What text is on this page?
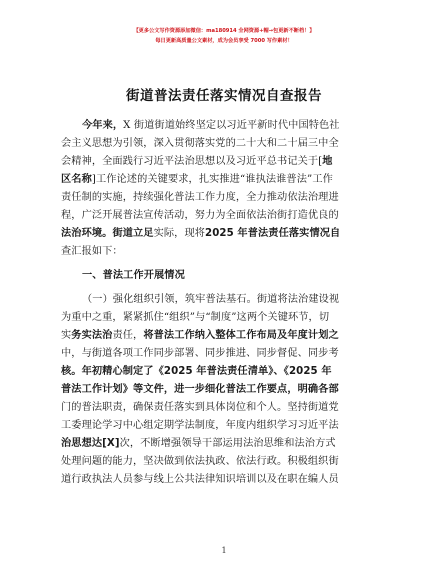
【更多公文写作资源添加微信：ma180914 全网资源+帽→包更新不断档！】
每日更新高质量公文素材，成为会员享受 7000 写作素材！
街道普法责任落实情况自查报告
今年来，X 街道街道始终坚定以习近平新时代中国特色社
会主义思想为引领，深入贯彻落实党的二十大和二十届三中全
会精神，全面践行习近平法治思想以及习近平总书记关于[地
区名称]工作论述的关键要求，扎实推进“谁执法谁普法”工作
责任制的实施，持续强化普法工作力度，全力推动依法治理进
程，广泛开展普法宣传活动，努力为全面依法治街打造优良的
法治环境。街道立足实际，现将2025 年普法责任落实情况自
查汇报如下：
一、普法工作开展情况
（一）强化组织引领，筑牢普法基石。街道将法治建设视
为重中之重，紧紧抓住“组织”与“制度”这两个关键环节，切
实务实法治责任，将普法工作纳入整体工作布局及年度计划之
中，与街道各项工作同步部署、同步推进、同步督促、同步考
核。年初精心制定了《2025 年普法责任清单》、《2025 年
普法工作计划》等文件，进一步细化普法工作要点，明确各部
门的普法职责，确保责任落实到具体岗位和个人。坚持街道党
工委理论学习中心组定期学法制度，年度内组织学习习近平法
治思想达[X]次，不断增强领导干部运用法治思维和法治方式
处理问题的能力，坚决做到依法执政、依法行政。积极组织街
道行政执法人员参与线上公共法律知识培训以及在职在编人员
1
